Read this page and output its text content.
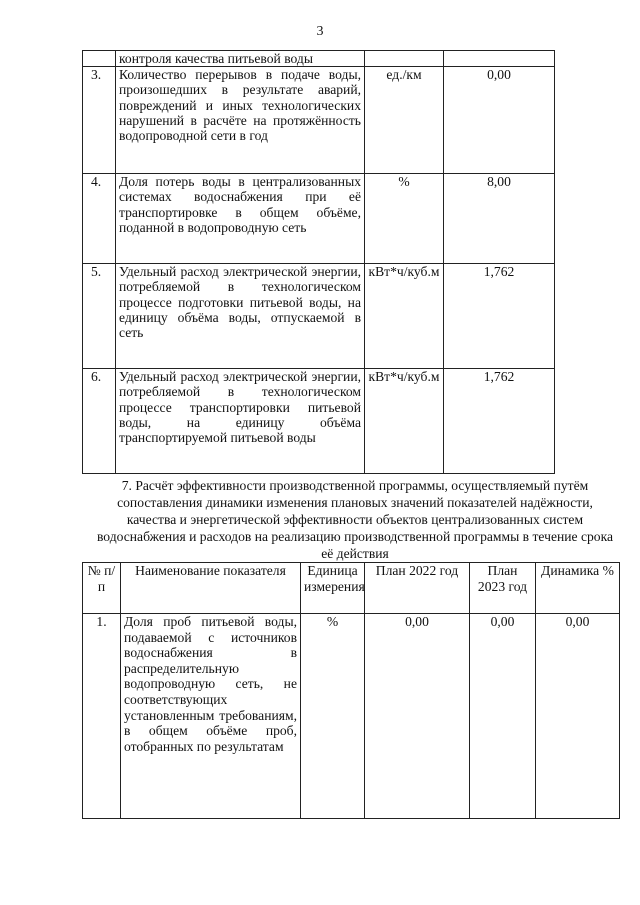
3
	контроля качества питьевой воды		
3.	Количество перерывов в подаче воды, произошедших в результате аварий, повреждений и иных технологических нарушений в расчёте на протяжённость водопроводной сети в год	ед./км	0,00
4.	Доля потерь воды в централизованных системах водоснабжения при её транспортировке в общем объёме, поданной в водопроводную сеть	%	8,00
5.	Удельный расход электрической энергии, потребляемой в технологическом процессе подготовки питьевой воды, на единицу объёма воды, отпускаемой в сеть	кВт*ч/куб.м	1,762
6.	Удельный расход электрической энергии, потребляемой в технологическом процессе транспортировки питьевой воды, на единицу объёма транспортируемой питьевой воды	кВт*ч/куб.м	1,762
7. Расчёт эффективности производственной программы, осуществляемый путём сопоставления динамики изменения плановых значений показателей надёжности, качества и энергетической эффективности объектов централизованных систем водоснабжения и расходов на реализацию производственной программы в течение срока её действия
№ п/п	Наименование показателя	Единица измерения	План 2022 год	План 2023 год	Динамика %
1.	Доля проб питьевой воды, подаваемой с источников водоснабжения в распределительную водопроводную сеть, не соответствующих установленным требованиям, в общем объёме проб, отобранных по результатам	%	0,00	0,00	0,00
